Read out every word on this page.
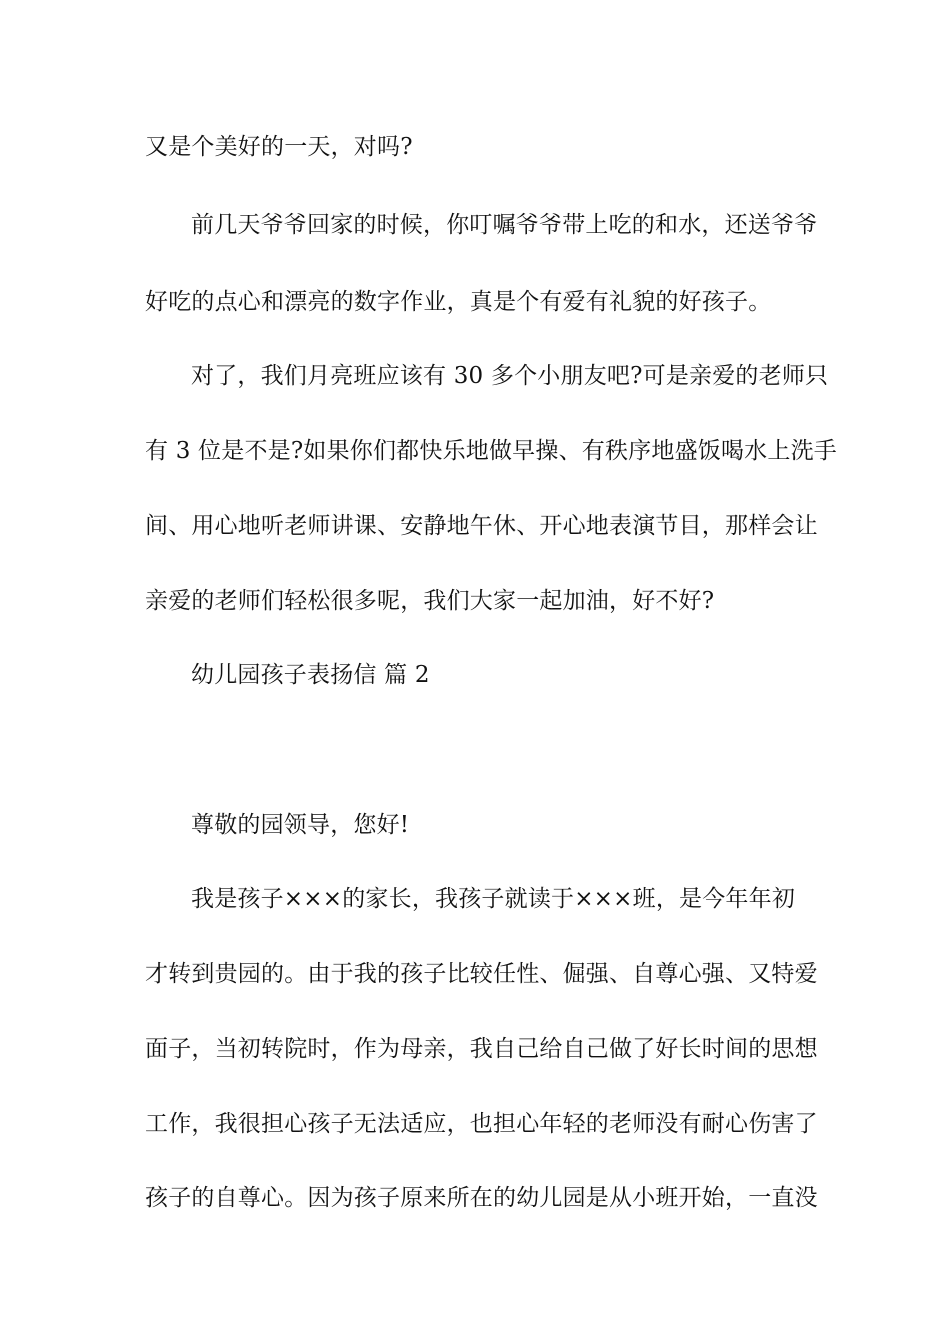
又是个美好的一天，对吗?
前几天爷爷回家的时候，你叮嘱爷爷带上吃的和水，还送爷爷
好吃的点心和漂亮的数字作业，真是个有爱有礼貌的好孩子。
对了，我们月亮班应该有 30 多个小朋友吧?可是亲爱的老师只
有 3 位是不是?如果你们都快乐地做早操、有秩序地盛饭喝水上洗手
间、用心地听老师讲课、安静地午休、开心地表演节目，那样会让
亲爱的老师们轻松很多呢，我们大家一起加油，好不好?
幼儿园孩子表扬信 篇 2
尊敬的园领导，您好!
我是孩子×××的家长，我孩子就读于×××班，是今年年初
才转到贵园的。由于我的孩子比较任性、倔强、自尊心强、又特爱
面子，当初转院时，作为母亲，我自己给自己做了好长时间的思想
工作，我很担心孩子无法适应，也担心年轻的老师没有耐心伤害了
孩子的自尊心。因为孩子原来所在的幼儿园是从小班开始，一直没
